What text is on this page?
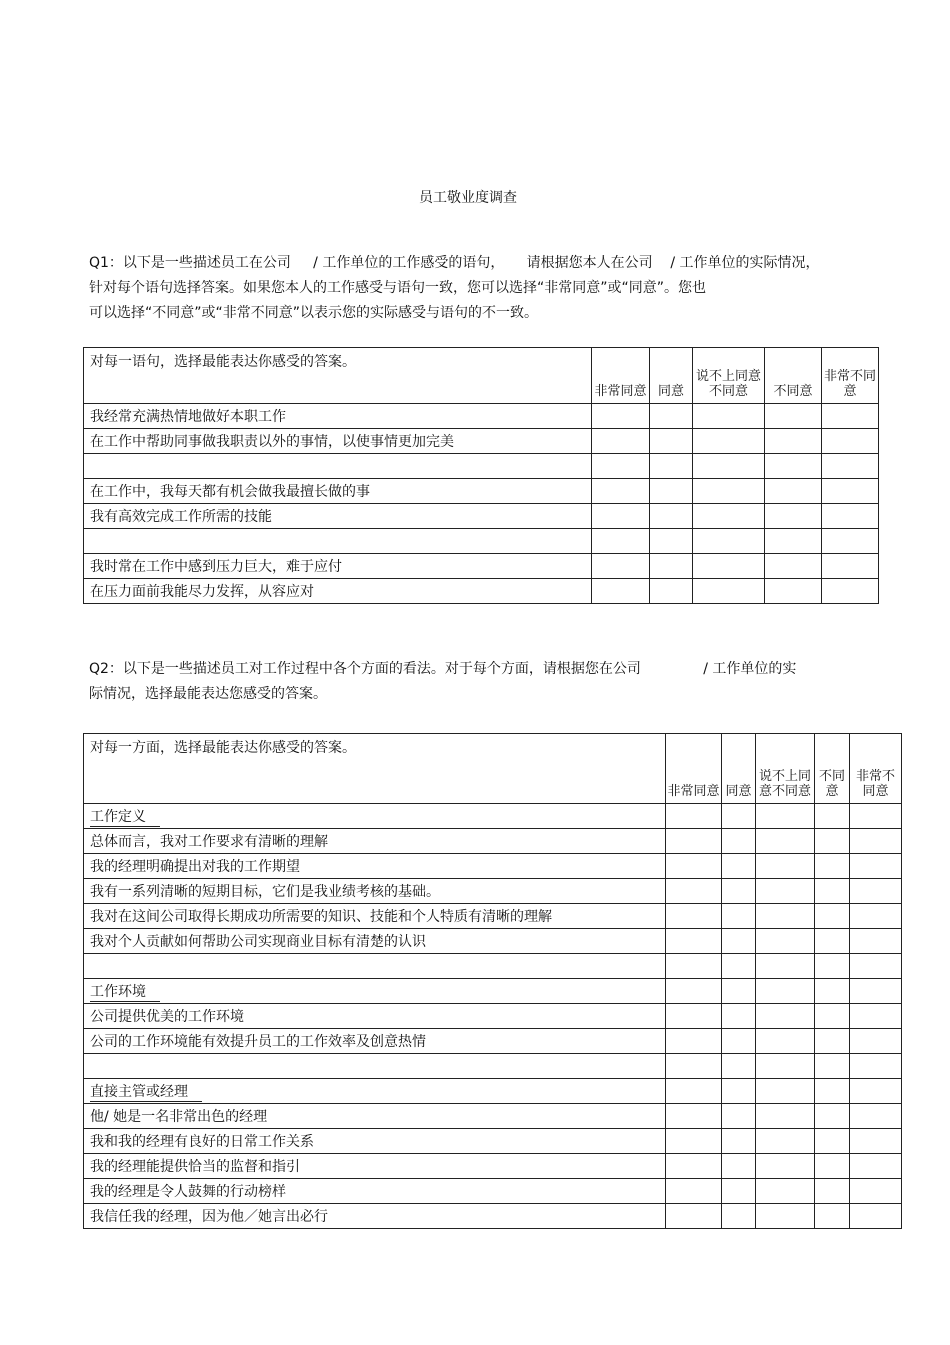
员工敬业度调查

Q1：以下是一些描述员工在公司     / 工作单位的工作感受的语句，     请根据您本人在公司    / 工作单位的实际情况，
针对每个语句选择答案。如果您本人的工作感受与语句一致，您可以选择“非常同意”或“同意”。您也
可以选择“不同意”或“非常不同意”以表示您的实际感受与语句的不一致。

对每一语句，选择最能表达你感受的答案。	非常同意	同意	说不上同意不同意	不同意	非常不同意
我经常充满热情地做好本职工作					
在工作中帮助同事做我职责以外的事情，以使事情更加完美					

在工作中，我每天都有机会做我最擅长做的事					
我有高效完成工作所需的技能					

我时常在工作中感到压力巨大，难于应付					
在压力面前我能尽力发挥，从容应对					

Q2：以下是一些描述员工对工作过程中各个方面的看法。对于每个方面，请根据您在公司              / 工作单位的实
际情况，选择最能表达您感受的答案。

对每一方面，选择最能表达你感受的答案。	非常同意	同意	说不上同意不同意	不同意	非常不同意
工作定义					
总体而言，我对工作要求有清晰的理解					
我的经理明确提出对我的工作期望					
我有一系列清晰的短期目标，它们是我业绩考核的基础。					
我对在这间公司取得长期成功所需要的知识、技能和个人特质有清晰的理解					
我对个人贡献如何帮助公司实现商业目标有清楚的认识					

工作环境					
公司提供优美的工作环境					
公司的工作环境能有效提升员工的工作效率及创意热情					

直接主管或经理					
他/ 她是一名非常出色的经理					
我和我的经理有良好的日常工作关系					
我的经理能提供恰当的监督和指引					
我的经理是令人鼓舞的行动榜样					
我信任我的经理，因为他／她言出必行					
